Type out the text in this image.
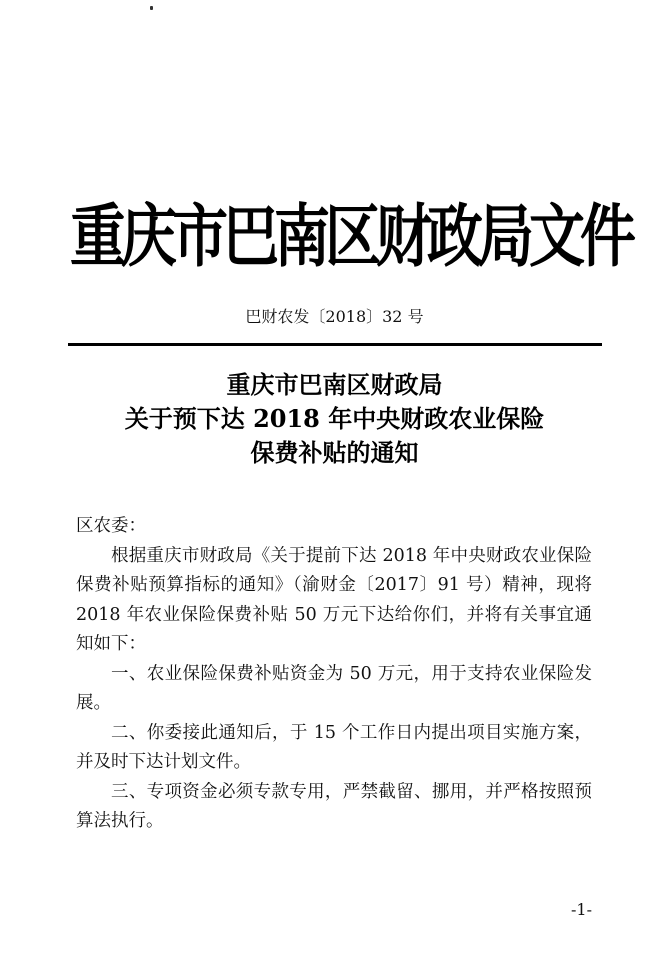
重庆市巴南区财政局文件
巴财农发〔2018〕32 号
重庆市巴南区财政局
关于预下达 2018 年中央财政农业保险
保费补贴的通知

区农委：

根据重庆市财政局《关于提前下达 2018 年中央财政农业保险保费补贴预算指标的通知》（渝财金〔2017〕91 号）精神，现将 2018 年农业保险保费补贴 50 万元下达给你们，并将有关事宜通知如下：

一、农业保险保费补贴资金为 50 万元，用于支持农业保险发展。

二、你委接此通知后，于 15 个工作日内提出项目实施方案，并及时下达计划文件。

三、专项资金必须专款专用，严禁截留、挪用，并严格按照预算法执行。

-1-
